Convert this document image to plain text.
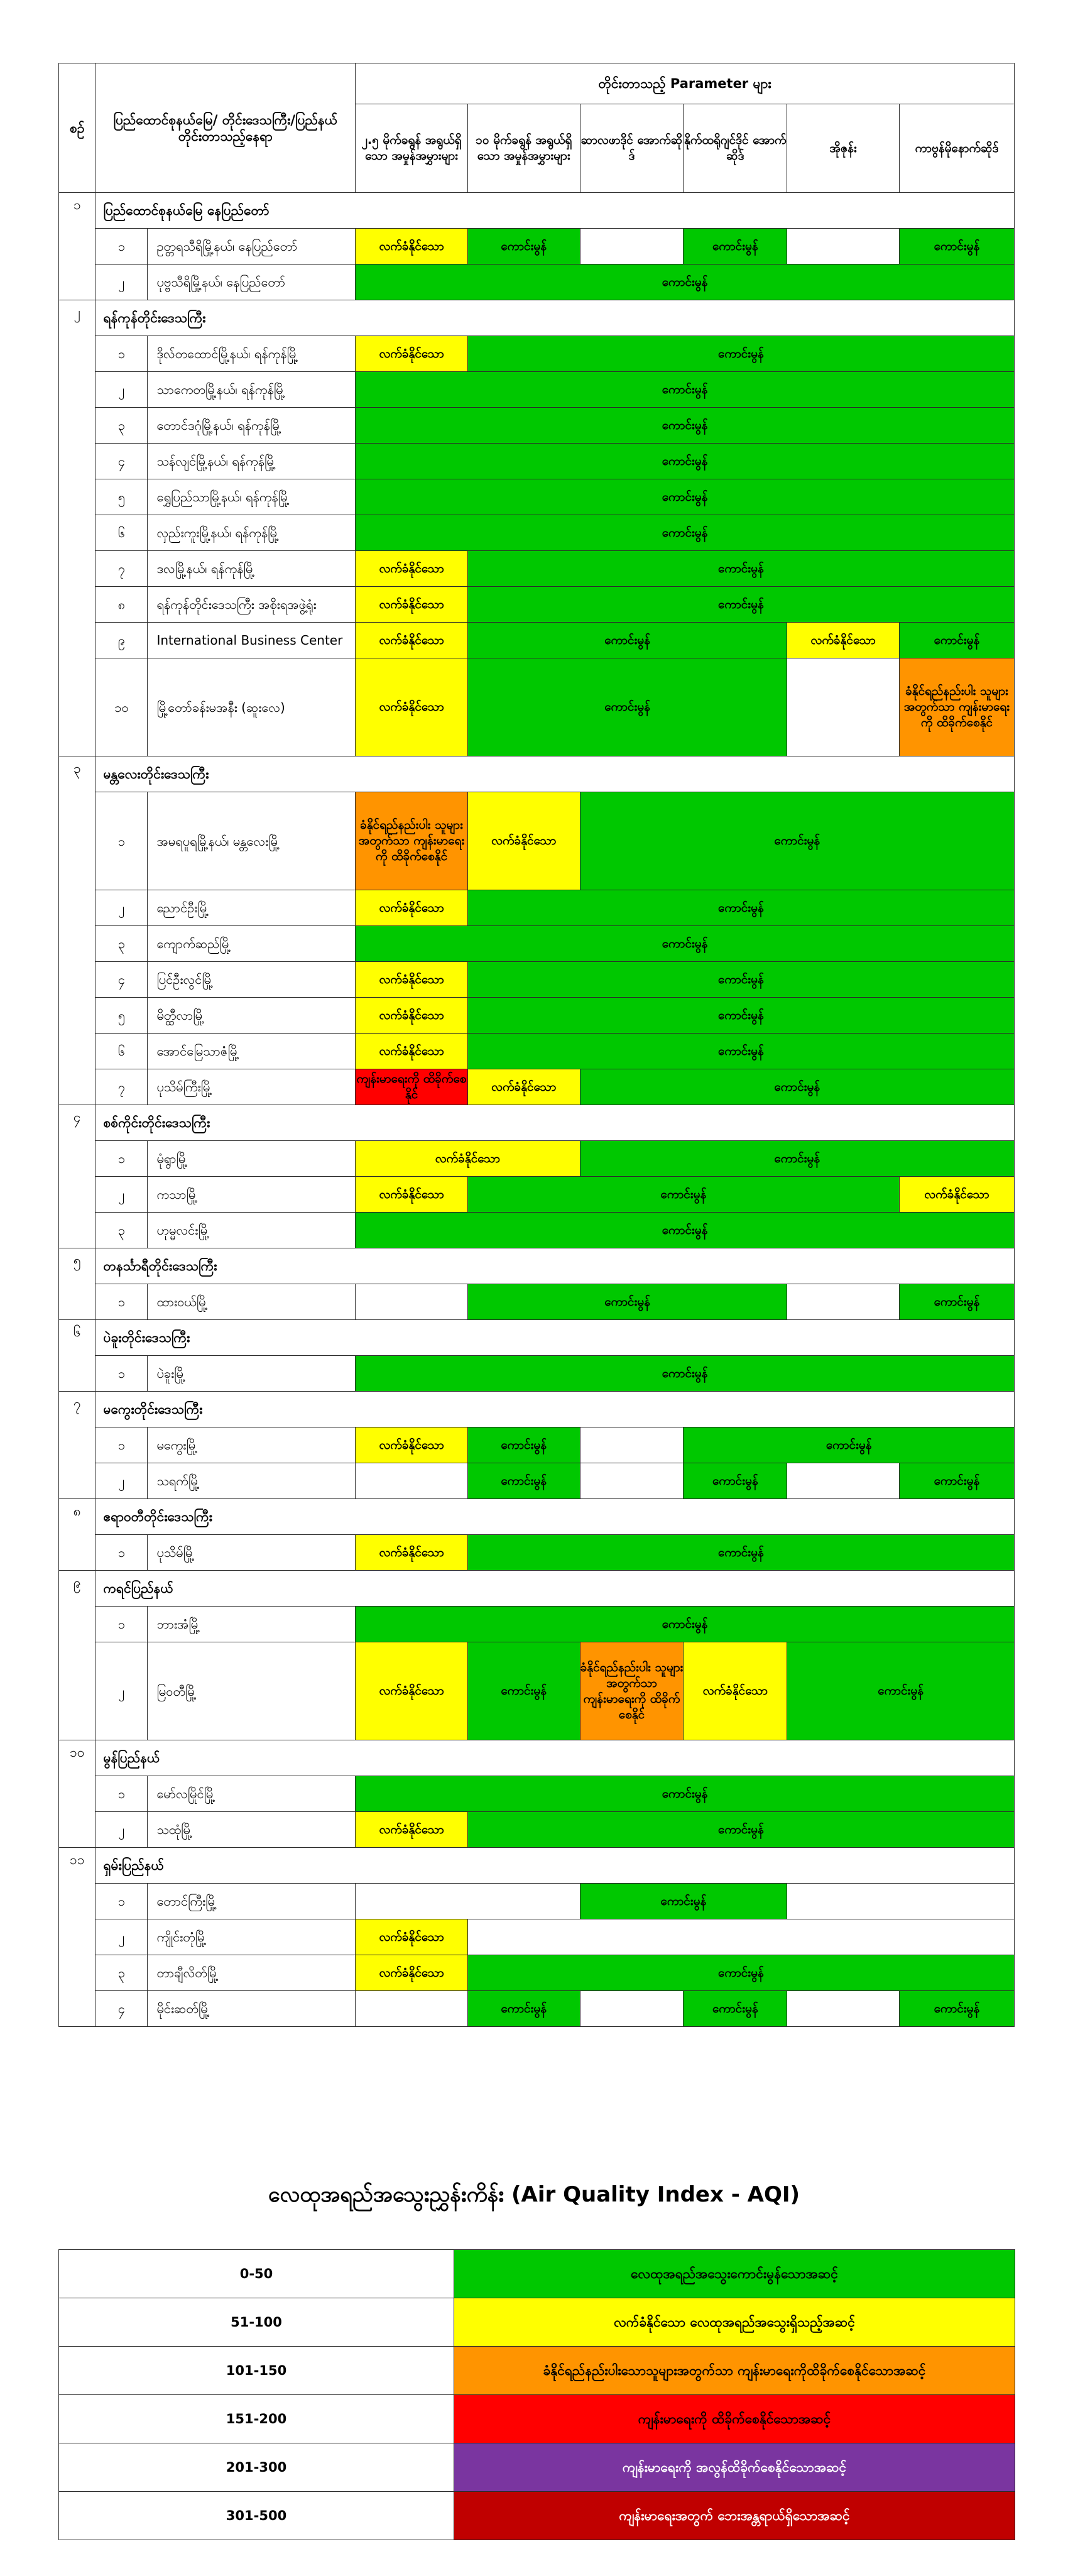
စဉ်	ပြည်ထောင်စုနယ်မြေ/ တိုင်းဒေသကြီး/ပြည်နယ် တိုင်းတာသည့်နေရာ		တိုင်းတာသည့် Parameter များ					
			၂.၅ မိုက်ခရွန် အရွယ်ရှိသော အမှုန်အမွှားများ	၁၀ မိုက်ခရွန် အရွယ်ရှိသော အမှုန်အမွှားများ	ဆာလဖာဒိုင် အောက်ဆိုဒ်	နိုက်ထရိုဂျင်ဒိုင် အောက်ဆိုဒ်	အိုဇုန်း	ကာဗွန်မိုနောက်ဆိုဒ်
၁	ပြည်ထောင်စုနယ်မြေ နေပြည်တော်							
	၁	ဥတ္တရသီရိမြို့နယ်၊ နေပြည်တော်	လက်ခံနိုင်သော	ကောင်းမွန်		ကောင်းမွန်		ကောင်းမွန်
	၂	ပုဗ္ဗသီရိမြို့နယ်၊ နေပြည်တော်	ကောင်းမွန်					
၂	ရန်ကုန်တိုင်းဒေသကြီး							
	၁	ဒိုလ်တထောင်မြို့နယ်၊ ရန်ကုန်မြို့	လက်ခံနိုင်သော	ကောင်းမွန်				
	၂	သာကေတမြို့နယ်၊ ရန်ကုန်မြို့	ကောင်းမွန်					
	၃	တောင်ဒဂုံမြို့နယ်၊ ရန်ကုန်မြို့	ကောင်းမွန်					
	၄	သန်လျင်မြို့နယ်၊ ရန်ကုန်မြို့	ကောင်းမွန်					
	၅	ရွှေပြည်သာမြို့နယ်၊ ရန်ကုန်မြို့	ကောင်းမွန်					
	၆	လှည်းကူးမြို့နယ်၊ ရန်ကုန်မြို့	ကောင်းမွန်					
	၇	ဒလမြို့နယ်၊ ရန်ကုန်မြို့	လက်ခံနိုင်သော	ကောင်းမွန်				
	၈	ရန်ကုန်တိုင်းဒေသကြီး အစိုးရအဖွဲ့ရုံး	လက်ခံနိုင်သော	ကောင်းမွန်				
	၉	International Business Center	လက်ခံနိုင်သော	ကောင်းမွန်			လက်ခံနိုင်သော	ကောင်းမွန်
	၁၀	မြို့တော်ခန်းမအနီး (ဆူးလေ)	လက်ခံနိုင်သော	ကောင်းမွန်				ခံနိုင်ရည်နည်းပါး သူများအတွက်သာ ကျန်းမာရေးကို ထိခိုက်စေနိုင်
၃	မန္တလေးတိုင်းဒေသကြီး							
	၁	အမရပူရမြို့နယ်၊ မန္တလေးမြို့	ခံနိုင်ရည်နည်းပါး သူများအတွက်သာ ကျန်းမာရေးကို ထိခိုက်စေနိုင်	လက်ခံနိုင်သော	ကောင်းမွန်			
	၂	ညောင်ဦးမြို့	လက်ခံနိုင်သော	ကောင်းမွန်				
	၃	ကျောက်ဆည်မြို့	ကောင်းမွန်					
	၄	ပြင်ဦးလွင်မြို့	လက်ခံနိုင်သော	ကောင်းမွန်				
	၅	မိတ္ထီလာမြို့	လက်ခံနိုင်သော	ကောင်းမွန်				
	၆	အောင်မြေသာဇံမြို့	လက်ခံနိုင်သော	ကောင်းမွန်				
	၇	ပုသိမ်ကြီးမြို့	ကျန်းမာရေးကို ထိခိုက်စေနိုင်	လက်ခံနိုင်သော	ကောင်းမွန်			
၄	စစ်ကိုင်းတိုင်းဒေသကြီး							
	၁	မုံရွာမြို့	လက်ခံနိုင်သော		ကောင်းမွန်			
	၂	ကသာမြို့	လက်ခံနိုင်သော	ကောင်းမွန်				လက်ခံနိုင်သော
	၃	ဟုမ္မလင်းမြို့	ကောင်းမွန်					
၅	တနင်္သာရီတိုင်းဒေသကြီး							
	၁	ထားဝယ်မြို့		ကောင်းမွန်				ကောင်းမွန်
၆	ပဲခူးတိုင်းဒေသကြီး							
	၁	ပဲခူးမြို့	ကောင်းမွန်					
၇	မကွေးတိုင်းဒေသကြီး							
	၁	မကွေးမြို့	လက်ခံနိုင်သော	ကောင်းမွန်		ကောင်းမွန်		
	၂	သရက်မြို့		ကောင်းမွန်		ကောင်းမွန်		ကောင်းမွန်
၈	ဧရာဝတီတိုင်းဒေသကြီး							
	၁	ပုသိမ်မြို့	လက်ခံနိုင်သော	ကောင်းမွန်				
၉	ကရင်ပြည်နယ်							
	၁	ဘားအံမြို့	ကောင်းမွန်					
	၂	မြဝတီမြို့	လက်ခံနိုင်သော	ကောင်းမွန်	ခံနိုင်ရည်နည်းပါး သူများအတွက်သာ ကျန်းမာရေးကို ထိခိုက်စေနိုင်	လက်ခံနိုင်သော	ကောင်းမွန်	
၁၀	မွန်ပြည်နယ်							
	၁	မော်လမြိုင်မြို့	ကောင်းမွန်					
	၂	သထုံမြို့	လက်ခံနိုင်သော	ကောင်းမွန်				
၁၁	ရှမ်းပြည်နယ်							
	၁	တောင်ကြီးမြို့			ကောင်းမွန်			
	၂	ကျိုင်းတုံမြို့	လက်ခံနိုင်သော					
	၃	တာချီလိတ်မြို့	လက်ခံနိုင်သော	ကောင်းမွန်				
	၄	မိုင်းဆတ်မြို့		ကောင်းမွန်		ကောင်းမွန်		ကောင်းမွန်
လေထုအရည်အသွေးညွှန်းကိန်း (Air Quality Index - AQI)
0-50	လေထုအရည်အသွေးကောင်းမွန်သောအဆင့်
51-100	လက်ခံနိုင်သော လေထုအရည်အသွေးရှိသည့်အဆင့်
101-150	ခံနိုင်ရည်နည်းပါးသောသူများအတွက်သာ ကျန်းမာရေးကိုထိခိုက်စေနိုင်သောအဆင့်
151-200	ကျန်းမာရေးကို ထိခိုက်စေနိုင်သောအဆင့်
201-300	ကျန်းမာရေးကို အလွန်ထိခိုက်စေနိုင်သောအဆင့်
301-500	ကျန်းမာရေးအတွက် ဘေးအန္တရာယ်ရှိသောအဆင့်
